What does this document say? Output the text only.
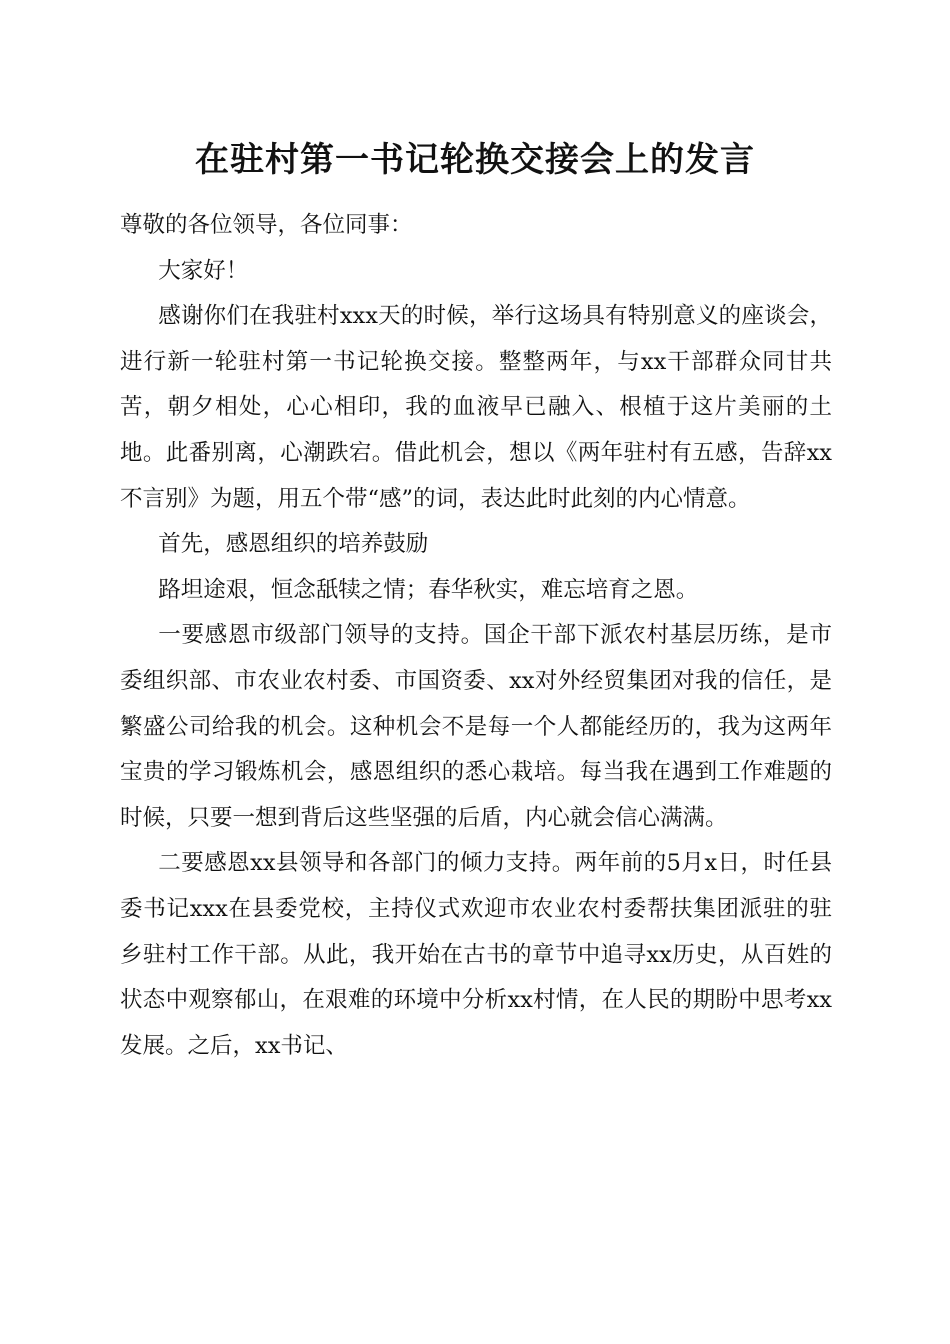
在驻村第一书记轮换交接会上的发言

尊敬的各位领导，各位同事：

大家好！

感谢你们在我驻村xxx天的时候，举行这场具有特别意义的座谈会，进行新一轮驻村第一书记轮换交接。整整两年，与xx干部群众同甘共苦，朝夕相处，心心相印，我的血液早已融入、根植于这片美丽的土地。此番别离，心潮跌宕。借此机会，想以《两年驻村有五感，告辞xx不言别》为题，用五个带“感”的词，表达此时此刻的内心情意。

首先，感恩组织的培养鼓励

路坦途艰，恒念舐犊之情；春华秋实，难忘培育之恩。

一要感恩市级部门领导的支持。国企干部下派农村基层历练，是市委组织部、市农业农村委、市国资委、xx对外经贸集团对我的信任，是繁盛公司给我的机会。这种机会不是每一个人都能经历的，我为这两年宝贵的学习锻炼机会，感恩组织的悉心栽培。每当我在遇到工作难题的时候，只要一想到背后这些坚强的后盾，内心就会信心满满。

二要感恩xx县领导和各部门的倾力支持。两年前的5月x日，时任县委书记xxx在县委党校，主持仪式欢迎市农业农村委帮扶集团派驻的驻乡驻村工作干部。从此，我开始在古书的章节中追寻xx历史，从百姓的状态中观察郁山，在艰难的环境中分析xx村情，在人民的期盼中思考xx发展。之后，xx书记、
